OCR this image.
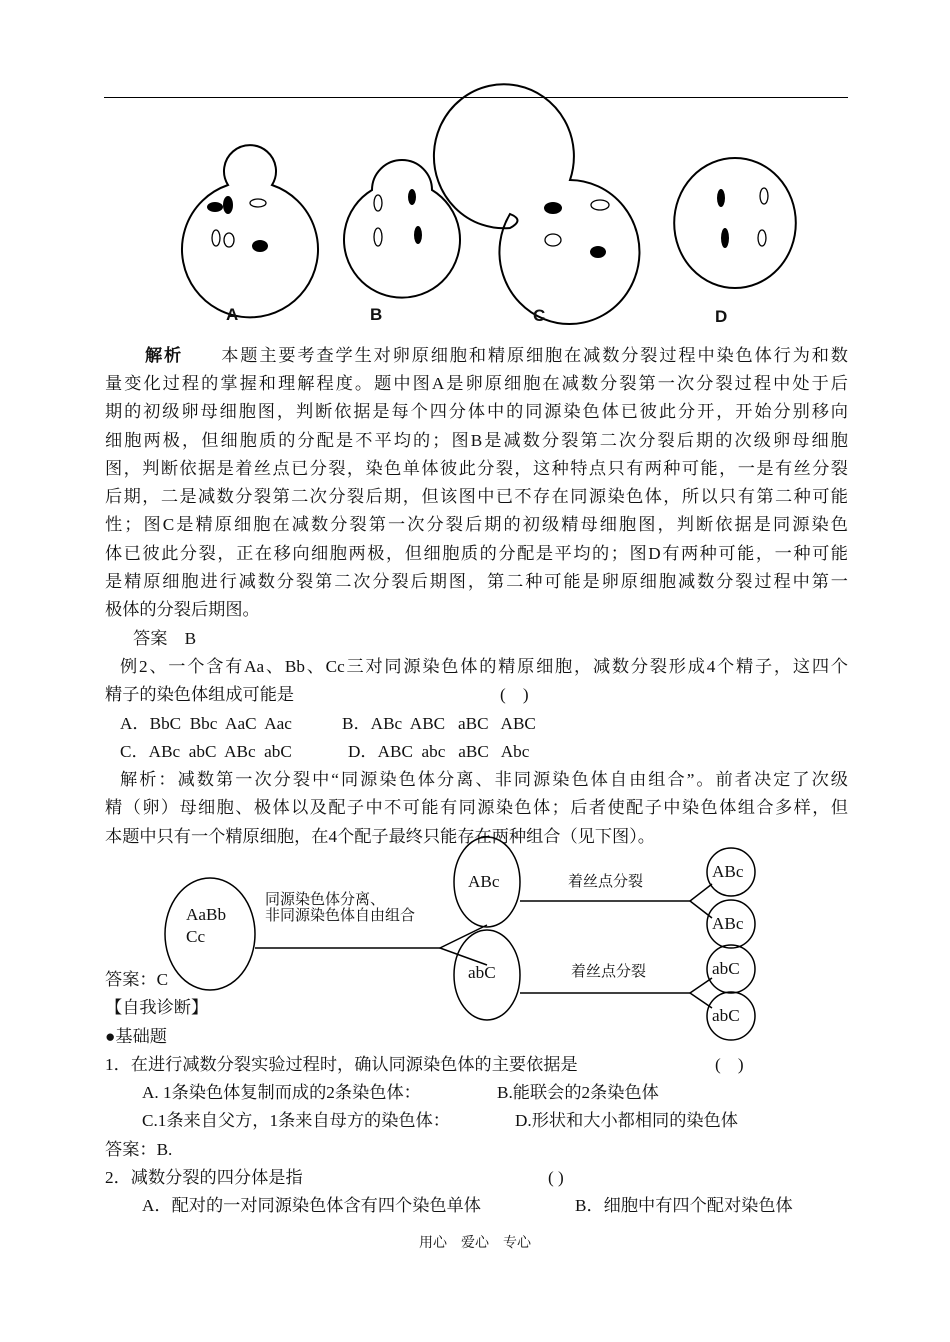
A	B	C	D
解析　　 本题主要考查学生对卵原细胞和精原细胞在减数分裂过程中染色体行为和数
量变化过程的掌握和理解程度。题中图A是卵原细胞在减数分裂第一次分裂过程中处于后
期的初级卵母细胞图，判断依据是每个四分体中的同源染色体已彼此分开，开始分别移向
细胞两极，但细胞质的分配是不平均的；图B是减数分裂第二次分裂后期的次级卵母细胞
图，判断依据是着丝点已分裂，染色单体彼此分裂，这种特点只有两种可能，一是有丝分裂
后期，二是减数分裂第二次分裂后期，但该图中已不存在同源染色体，所以只有第二种可能
性；图C是精原细胞在减数分裂第一次分裂后期的初级精母细胞图，判断依据是同源染色
体已彼此分裂，正在移向细胞两极，但细胞质的分配是平均的；图D有两种可能，一种可能
是精原细胞进行减数分裂第二次分裂后期图，第二种可能是卵原细胞减数分裂过程中第一
极体的分裂后期图。
答案　B
例2、一个含有Aa、Bb、Cc三对同源染色体的精原细胞，减数分裂形成4个精子，这四个
精子的染色体组成可能是	(　)
A．BbC  Bbc  AaC  Aac	B．ABc  ABC   aBC   ABC
C．ABc  abC  ABc  abC	D．ABC  abc   aBC   Abc
解析：减数第一次分裂中“同源染色体分离、非同源染色体自由组合”。前者决定了次级
精（卵）母细胞、极体以及配子中不可能有同源染色体；后者使配子中染色体组合多样，但
本题中只有一个精原细胞，在4个配子最终只能存在两种组合（见下图）。
AaBb
Cc
同源染色体分离、
非同源染色体自由组合
ABc
abC
着丝点分裂
着丝点分裂
ABc
ABc
abC
abC
答案：C
【自我诊断】
●基础题
1．在进行减数分裂实验过程时，确认同源染色体的主要依据是	(　)
A. 1条染色体复制而成的2条染色体：	B.能联会的2条染色体
C.1条来自父方，1条来自母方的染色体：	D.形状和大小都相同的染色体
答案：B.
2．减数分裂的四分体是指	( )
A．配对的一对同源染色体含有四个染色单体	B．细胞中有四个配对染色体
用心　爱心　专心
